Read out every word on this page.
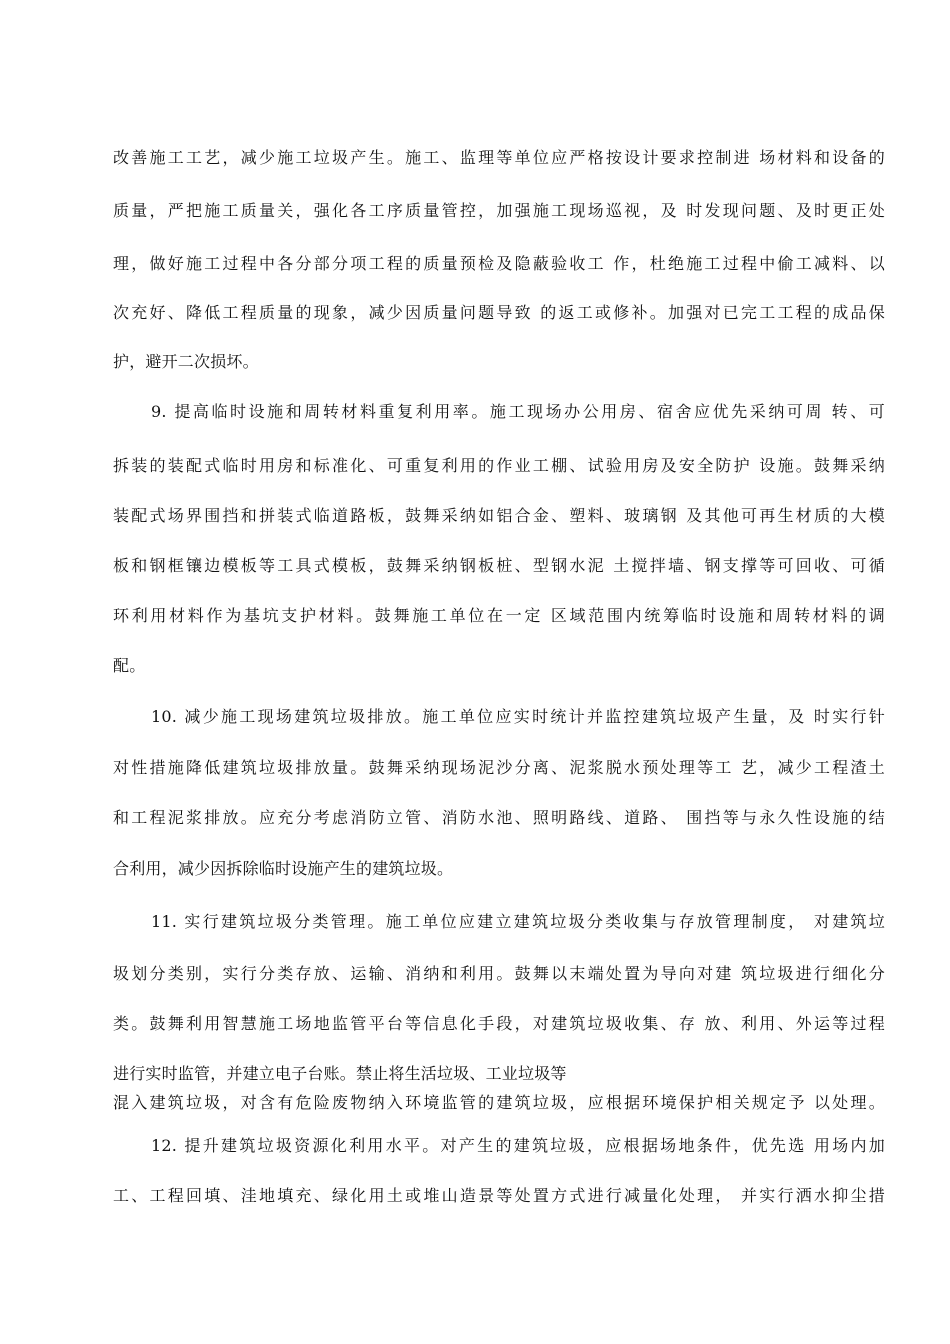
改善施工工艺，减少施工垃圾产生。施工、监理等单位应严格按设计要求控制进 场材料和设备的
质量，严把施工质量关，强化各工序质量管控，加强施工现场巡视，及 时发现问题、及时更正处
理，做好施工过程中各分部分项工程的质量预检及隐蔽验收工 作，杜绝施工过程中偷工减料、以
次充好、降低工程质量的现象，减少因质量问题导致 的返工或修补。加强对已完工工程的成品保
护，避开二次损坏。
9. 提高临时设施和周转材料重复利用率。施工现场办公用房、宿舍应优先采纳可周 转、可
拆装的装配式临时用房和标准化、可重复利用的作业工棚、试验用房及安全防护 设施。鼓舞采纳
装配式场界围挡和拼装式临道路板，鼓舞采纳如铝合金、塑料、玻璃钢 及其他可再生材质的大模
板和钢框镶边模板等工具式模板，鼓舞采纳钢板桩、型钢水泥 土搅拌墙、钢支撑等可回收、可循
环利用材料作为基坑支护材料。鼓舞施工单位在一定 区域范围内统筹临时设施和周转材料的调
配。
10. 减少施工现场建筑垃圾排放。施工单位应实时统计并监控建筑垃圾产生量，及 时实行针
对性措施降低建筑垃圾排放量。鼓舞采纳现场泥沙分离、泥浆脱水预处理等工 艺，减少工程渣土
和工程泥浆排放。应充分考虑消防立管、消防水池、照明路线、道路、 围挡等与永久性设施的结
合利用，减少因拆除临时设施产生的建筑垃圾。
11. 实行建筑垃圾分类管理。施工单位应建立建筑垃圾分类收集与存放管理制度， 对建筑垃
圾划分类别，实行分类存放、运输、消纳和利用。鼓舞以末端处置为导向对建 筑垃圾进行细化分
类。鼓舞利用智慧施工场地监管平台等信息化手段，对建筑垃圾收集、存 放、利用、外运等过程
进行实时监管，并建立电子台账。禁止将生活垃圾、工业垃圾等
混入建筑垃圾，对含有危险废物纳入环境监管的建筑垃圾，应根据环境保护相关规定予 以处理。
12. 提升建筑垃圾资源化利用水平。对产生的建筑垃圾，应根据场地条件，优先选 用场内加
工、工程回填、洼地填充、绿化用土或堆山造景等处置方式进行减量化处理， 并实行洒水抑尘措
